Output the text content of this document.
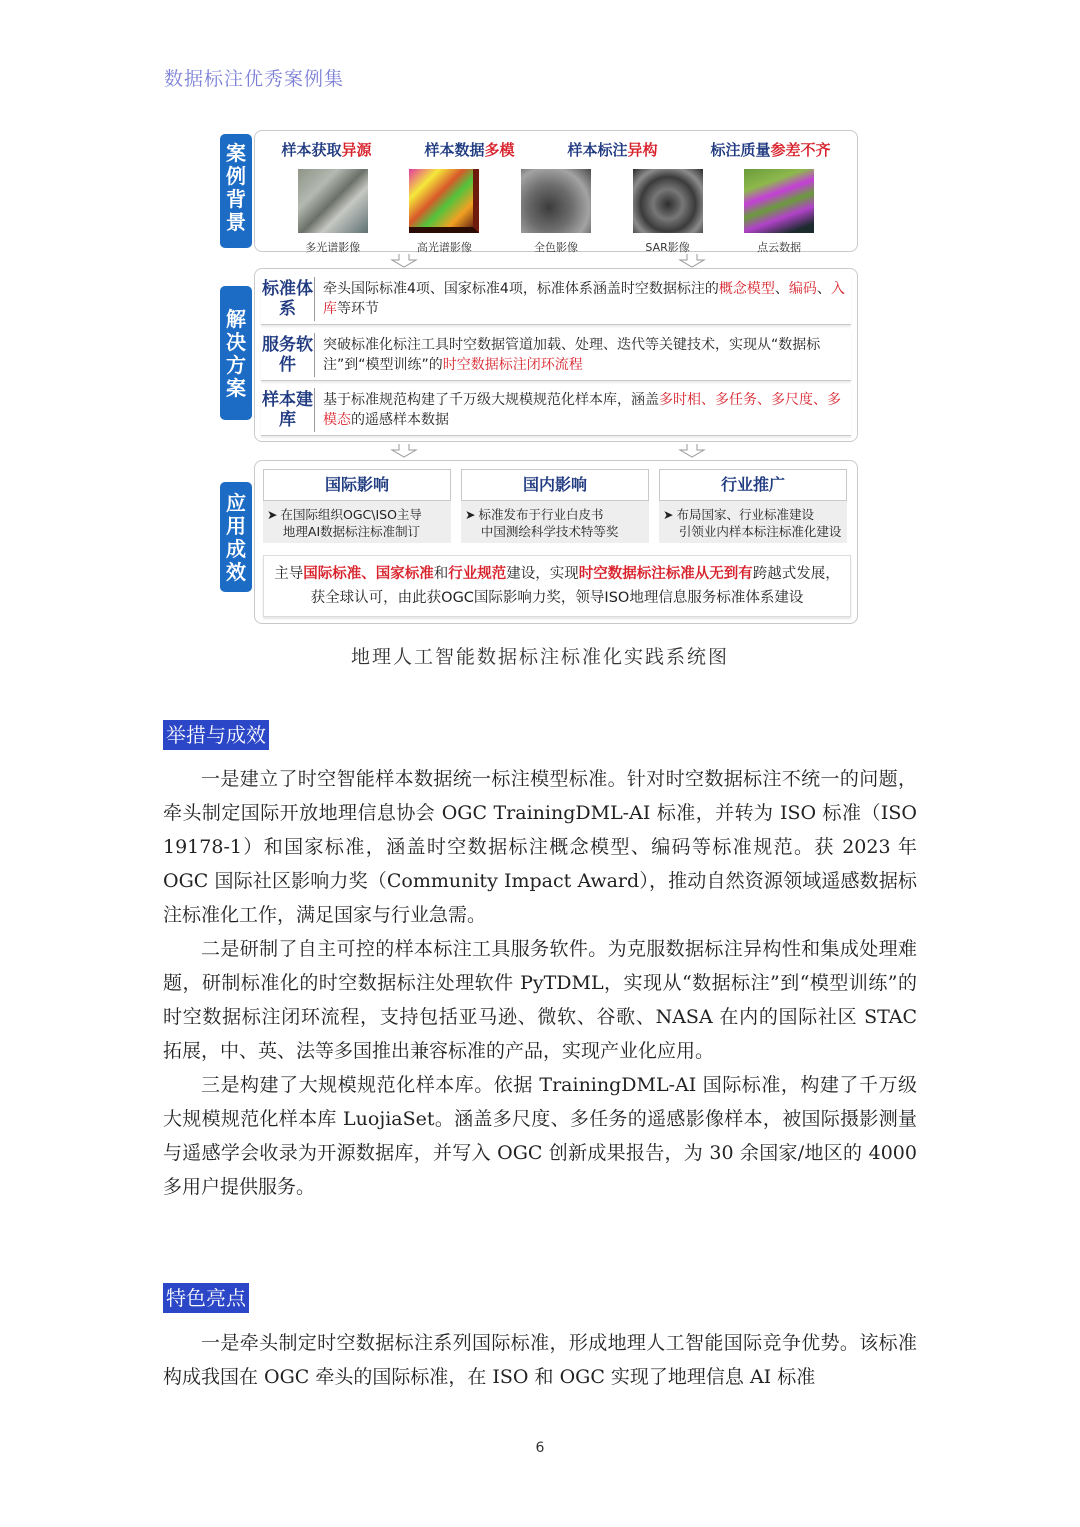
数据标注优秀案例集
案例背景
样本获取异源	样本数据多模	样本标注异构	标注质量参差不齐
多光谱影像	高光谱影像	全色影像	SAR影像	点云数据
解决方案
标准体系
牵头国际标准4项、国家标准4项，标准体系涵盖时空数据标注的概念模型、编码、入库等环节
服务软件
突破标准化标注工具时空数据管道加载、处理、迭代等关键技术，实现从“数据标注”到“模型训练”的时空数据标注闭环流程
样本建库
基于标准规范构建了千万级大规模规范化样本库，涵盖多时相、多任务、多尺度、多模态的遥感样本数据
应用成效
国际影响
➤ 在国际组织OGC\ISO主导
地理AI数据标注标准制订
国内影响
➤ 标准发布于行业白皮书
中国测绘科学技术特等奖
行业推广
➤ 布局国家、行业标准建设
引领业内样本标注标准化建设
主导国际标准、国家标准和行业规范建设，实现时空数据标注标准从无到有跨越式发展，获全球认可，由此获OGC国际影响力奖，领导ISO地理信息服务标准体系建设
地理人工智能数据标注标准化实践系统图
举措与成效

一是建立了时空智能样本数据统一标注模型标准。针对时空数据标注不统一的问题，牵头制定国际开放地理信息协会 OGC TrainingDML-AI 标准，并转为 ISO 标准（ISO 19178-1）和国家标准，涵盖时空数据标注概念模型、编码等标准规范。获 2023 年 OGC 国际社区影响力奖（Community Impact Award），推动自然资源领域遥感数据标注标准化工作，满足国家与行业急需。

二是研制了自主可控的样本标注工具服务软件。为克服数据标注异构性和集成处理难题，研制标准化的时空数据标注处理软件 PyTDML，实现从“数据标注”到“模型训练”的时空数据标注闭环流程，支持包括亚马逊、微软、谷歌、NASA 在内的国际社区 STAC 拓展，中、英、法等多国推出兼容标准的产品，实现产业化应用。

三是构建了大规模规范化样本库。依据 TrainingDML-AI 国际标准，构建了千万级大规模规范化样本库 LuojiaSet。涵盖多尺度、多任务的遥感影像样本，被国际摄影测量与遥感学会收录为开源数据库，并写入 OGC 创新成果报告，为 30 余国家/地区的 4000 多用户提供服务。

特色亮点

一是牵头制定时空数据标注系列国际标准，形成地理人工智能国际竞争优势。该标准构成我国在 OGC 牵头的国际标准，在 ISO 和 OGC 实现了地理信息 AI 标准

6
